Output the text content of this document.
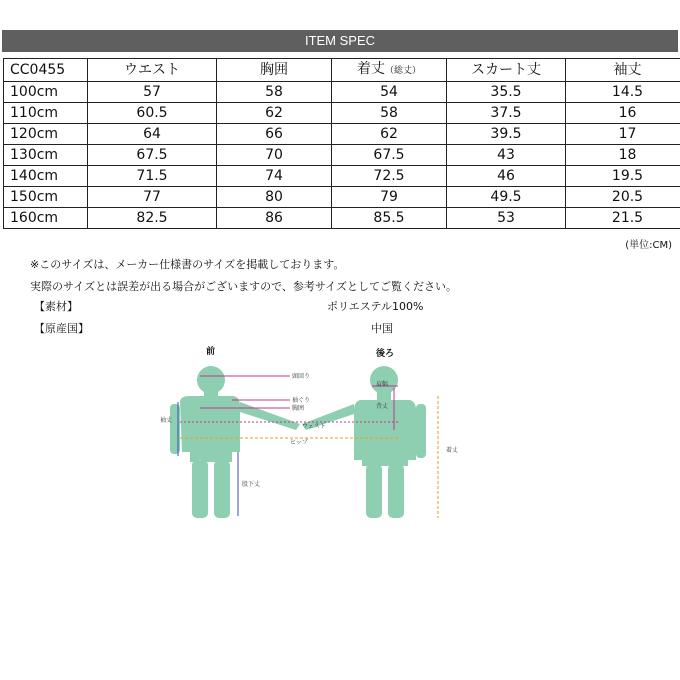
ITEM SPEC
CC0455	ウエスト	胸囲	着丈（総丈）	スカート丈	袖丈
100cm	57	58	54	35.5	14.5
110cm	60.5	62	58	37.5	16
120cm	64	66	62	39.5	17
130cm	67.5	70	67.5	43	18
140cm	71.5	74	72.5	46	19.5
150cm	77	80	79	49.5	20.5
160cm	82.5	86	85.5	53	21.5
(単位:CM)
※このサイズは、メーカー仕様書のサイズを掲載しております。
実際のサイズとは誤差が出る場合がございますので、参考サイズとしてご覧ください。
【素材】	ポリエステル100%
【原産国】	中国
前	後ろ
頭回り
袖ぐり
胸囲
ウェスト
ヒップ
股下丈
袖丈
肩幅
背丈
着丈
